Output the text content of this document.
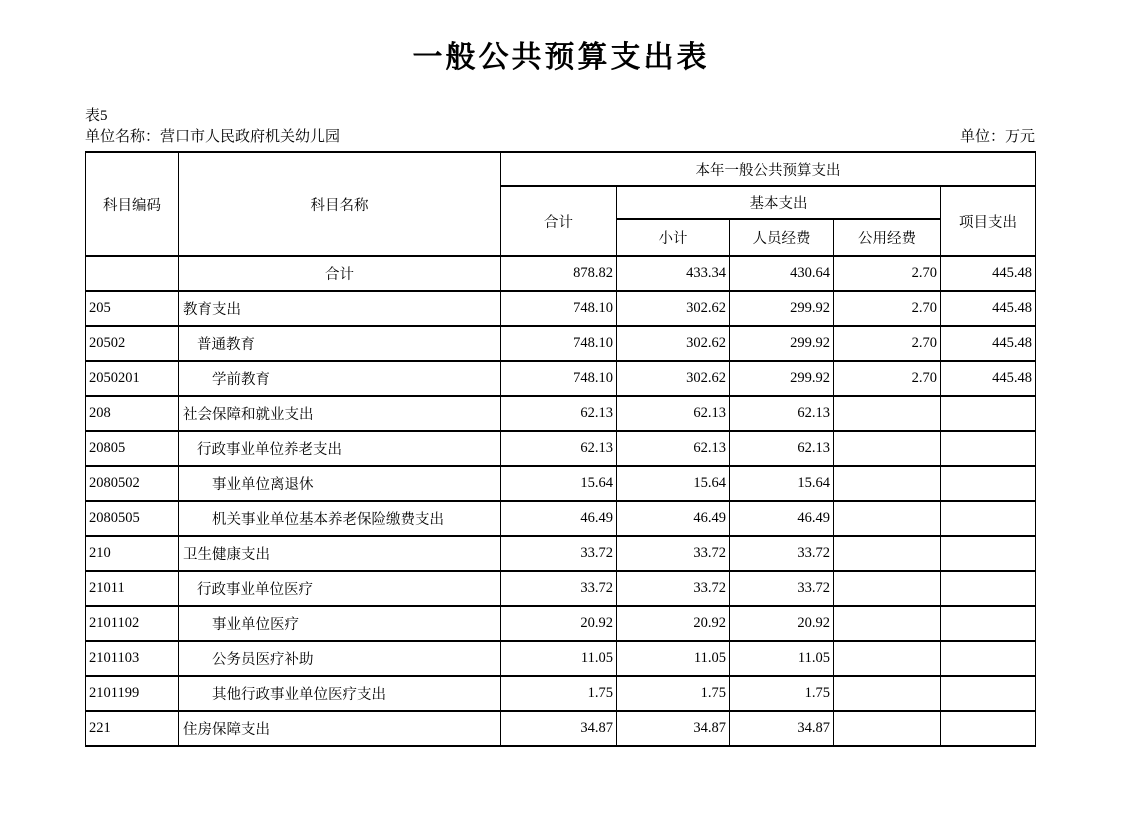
一般公共预算支出表
表5
单位名称：营口市人民政府机关幼儿园	单位：万元
科目编码	科目名称	本年一般公共预算支出				
		合计	基本支出			项目支出
			小计	人员经费	公用经费	
	合计	878.82	433.34	430.64	2.70	445.48
205	教育支出	748.10	302.62	299.92	2.70	445.48
20502	普通教育	748.10	302.62	299.92	2.70	445.48
2050201	学前教育	748.10	302.62	299.92	2.70	445.48
208	社会保障和就业支出	62.13	62.13	62.13		
20805	行政事业单位养老支出	62.13	62.13	62.13		
2080502	事业单位离退休	15.64	15.64	15.64		
2080505	机关事业单位基本养老保险缴费支出	46.49	46.49	46.49		
210	卫生健康支出	33.72	33.72	33.72		
21011	行政事业单位医疗	33.72	33.72	33.72		
2101102	事业单位医疗	20.92	20.92	20.92		
2101103	公务员医疗补助	11.05	11.05	11.05		
2101199	其他行政事业单位医疗支出	1.75	1.75	1.75		
221	住房保障支出	34.87	34.87	34.87		
